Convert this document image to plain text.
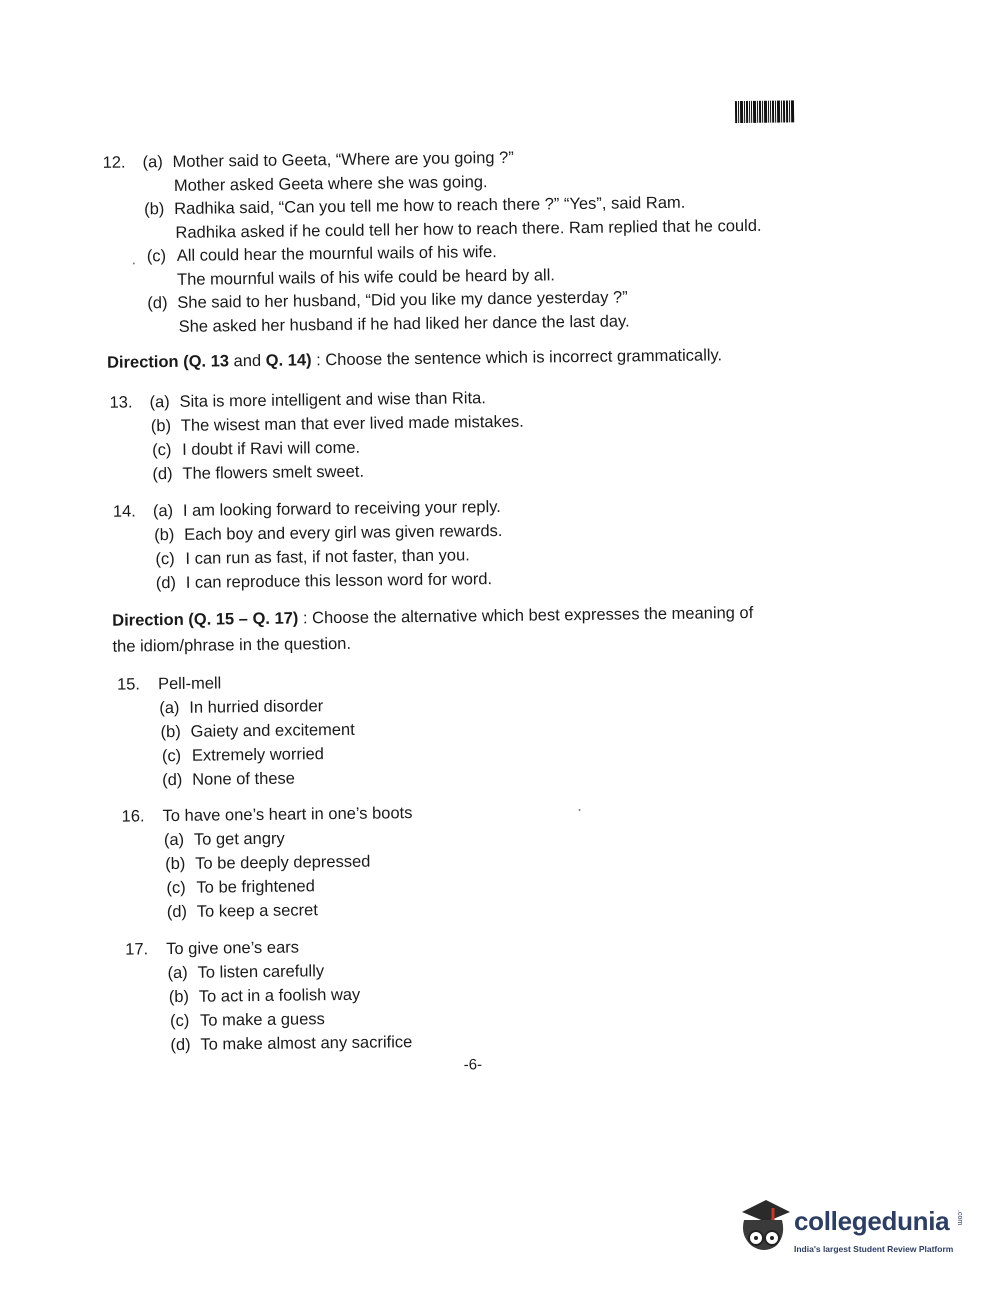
12. (a) Mother said to Geeta, “Where are you going ?”
Mother asked Geeta where she was going.
(b) Radhika said, “Can you tell me how to reach there ?” “Yes”, said Ram.
Radhika asked if he could tell her how to reach there. Ram replied that he could.
(c) All could hear the mournful wails of his wife.
The mournful wails of his wife could be heard by all.
(d) She said to her husband, “Did you like my dance yesterday ?”
She asked her husband if he had liked her dance the last day.
Direction (Q. 13 and Q. 14) : Choose the sentence which is incorrect grammatically.
13. (a) Sita is more intelligent and wise than Rita.
(b) The wisest man that ever lived made mistakes.
(c) I doubt if Ravi will come.
(d) The flowers smelt sweet.
14. (a) I am looking forward to receiving your reply.
(b) Each boy and every girl was given rewards.
(c) I can run as fast, if not faster, than you.
(d) I can reproduce this lesson word for word.
Direction (Q. 15 – Q. 17) : Choose the alternative which best expresses the meaning of
the idiom/phrase in the question.
15. Pell-mell
(a) In hurried disorder
(b) Gaiety and excitement
(c) Extremely worried
(d) None of these
16. To have one’s heart in one’s boots
(a) To get angry
(b) To be deeply depressed
(c) To be frightened
(d) To keep a secret
17. To give one’s ears
(a) To listen carefully
(b) To act in a foolish way
(c) To make a guess
(d) To make almost any sacrifice
-6-
collegedunia .com
India's largest Student Review Platform
